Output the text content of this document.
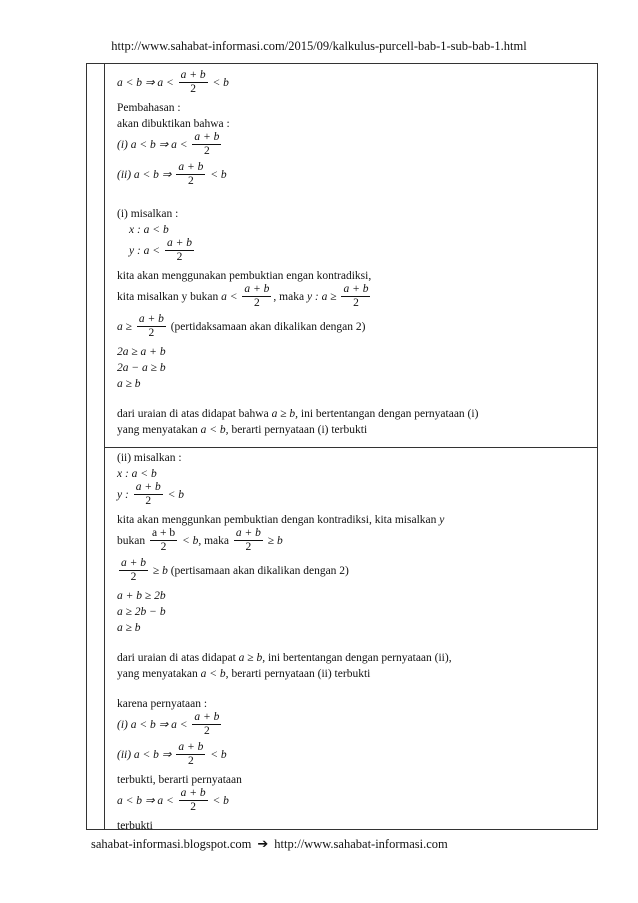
http://www.sahabat-informasi.com/2015/09/kalkulus-purcell-bab-1-sub-bab-1.html
a < b ⇒ $a < \frac{a + b}{2} < b$
Pembahasan :
akan dibuktikan bahwa :
(i) a < b ⇒ $a < \frac{a + b}{2}$
(ii) a < b ⇒ $\frac{a + b}{2} < b$
(i) misalkan :
x : a < b
y : $a < \frac{a + b}{2}$
kita akan menggunakan pembuktian engan kontradiksi,
kita misalkan y bukan $a < \frac{a + b}{2}$ , maka y : $a \ge \frac{a + b}{2}$
$a \ge \frac{a + b}{2}$ (pertidaksamaan akan dikalikan dengan 2)
2a ≥ a + b
2a − a ≥ b
a ≥ b
dari uraian di atas didapat bahwa a ≥ b, ini bertentangan dengan pernyataan (i)
yang menyatakan a < b, berarti pernyataan (i) terbukti
(ii) misalkan :
x : a < b
y : $\frac{a + b}{2} < b$
kita akan menggunkan pembuktian dengan kontradiksi, kita misalkan y
bukan $\frac{a + b}{2} < b$, maka $\frac{a + b}{2} \ge b$
$\frac{a + b}{2} \ge b$ (pertisamaan akan dikalikan dengan 2)
a + b ≥ 2b
a ≥ 2b − b
a ≥ b
dari uraian di atas didapat a ≥ b, ini bertentangan dengan pernyataan (ii),
yang menyatakan a < b, berarti pernyataan (ii) terbukti
karena pernyataan :
(i) a < b ⇒ $a < \frac{a + b}{2}$
(ii) a < b ⇒ $\frac{a + b}{2} < b$
terbukti, berarti pernyataan
a < b ⇒ $a < \frac{a + b}{2} < b$
terbukti
sahabat-informasi.blogspot.com ➔ http://www.sahabat-informasi.com
